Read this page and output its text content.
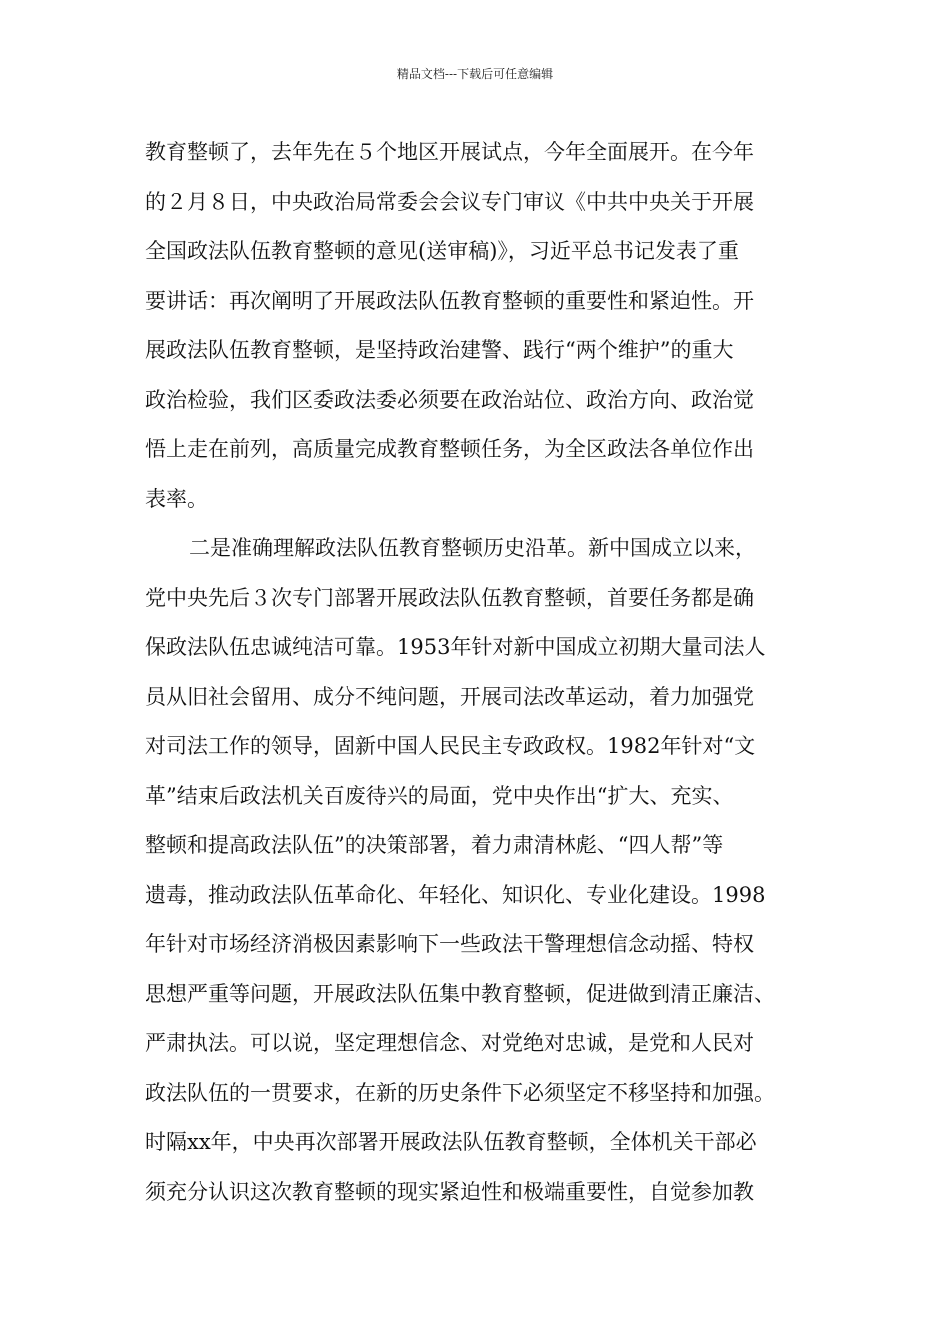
精品文档---下载后可任意编辑
教育整顿了，去年先在５个地区开展试点，今年全面展开。在今年
的２月８日，中央政治局常委会会议专门审议《中共中央关于开展
全国政法队伍教育整顿的意见(送审稿)》，习近平总书记发表了重
要讲话：再次阐明了开展政法队伍教育整顿的重要性和紧迫性。开
展政法队伍教育整顿，是坚持政治建警、践行“两个维护”的重大
政治检验，我们区委政法委必须要在政治站位、政治方向、政治觉
悟上走在前列，高质量完成教育整顿任务，为全区政法各单位作出
表率。
二是准确理解政法队伍教育整顿历史沿革。新中国成立以来，
党中央先后３次专门部署开展政法队伍教育整顿，首要任务都是确
保政法队伍忠诚纯洁可靠。1953年针对新中国成立初期大量司法人
员从旧社会留用、成分不纯问题，开展司法改革运动，着力加强党
对司法工作的领导，固新中国人民民主专政政权。1982年针对“文
革”结束后政法机关百废待兴的局面，党中央作出“扩大、充实、
整顿和提高政法队伍”的决策部署，着力肃清林彪、“四人帮”等
遗毒，推动政法队伍革命化、年轻化、知识化、专业化建设。1998
年针对市场经济消极因素影响下一些政法干警理想信念动摇、特权
思想严重等问题，开展政法队伍集中教育整顿，促进做到清正廉洁、
严肃执法。可以说，坚定理想信念、对党绝对忠诚，是党和人民对
政法队伍的一贯要求，在新的历史条件下必须坚定不移坚持和加强。
时隔xx年，中央再次部署开展政法队伍教育整顿，全体机关干部必
须充分认识这次教育整顿的现实紧迫性和极端重要性，自觉参加教
